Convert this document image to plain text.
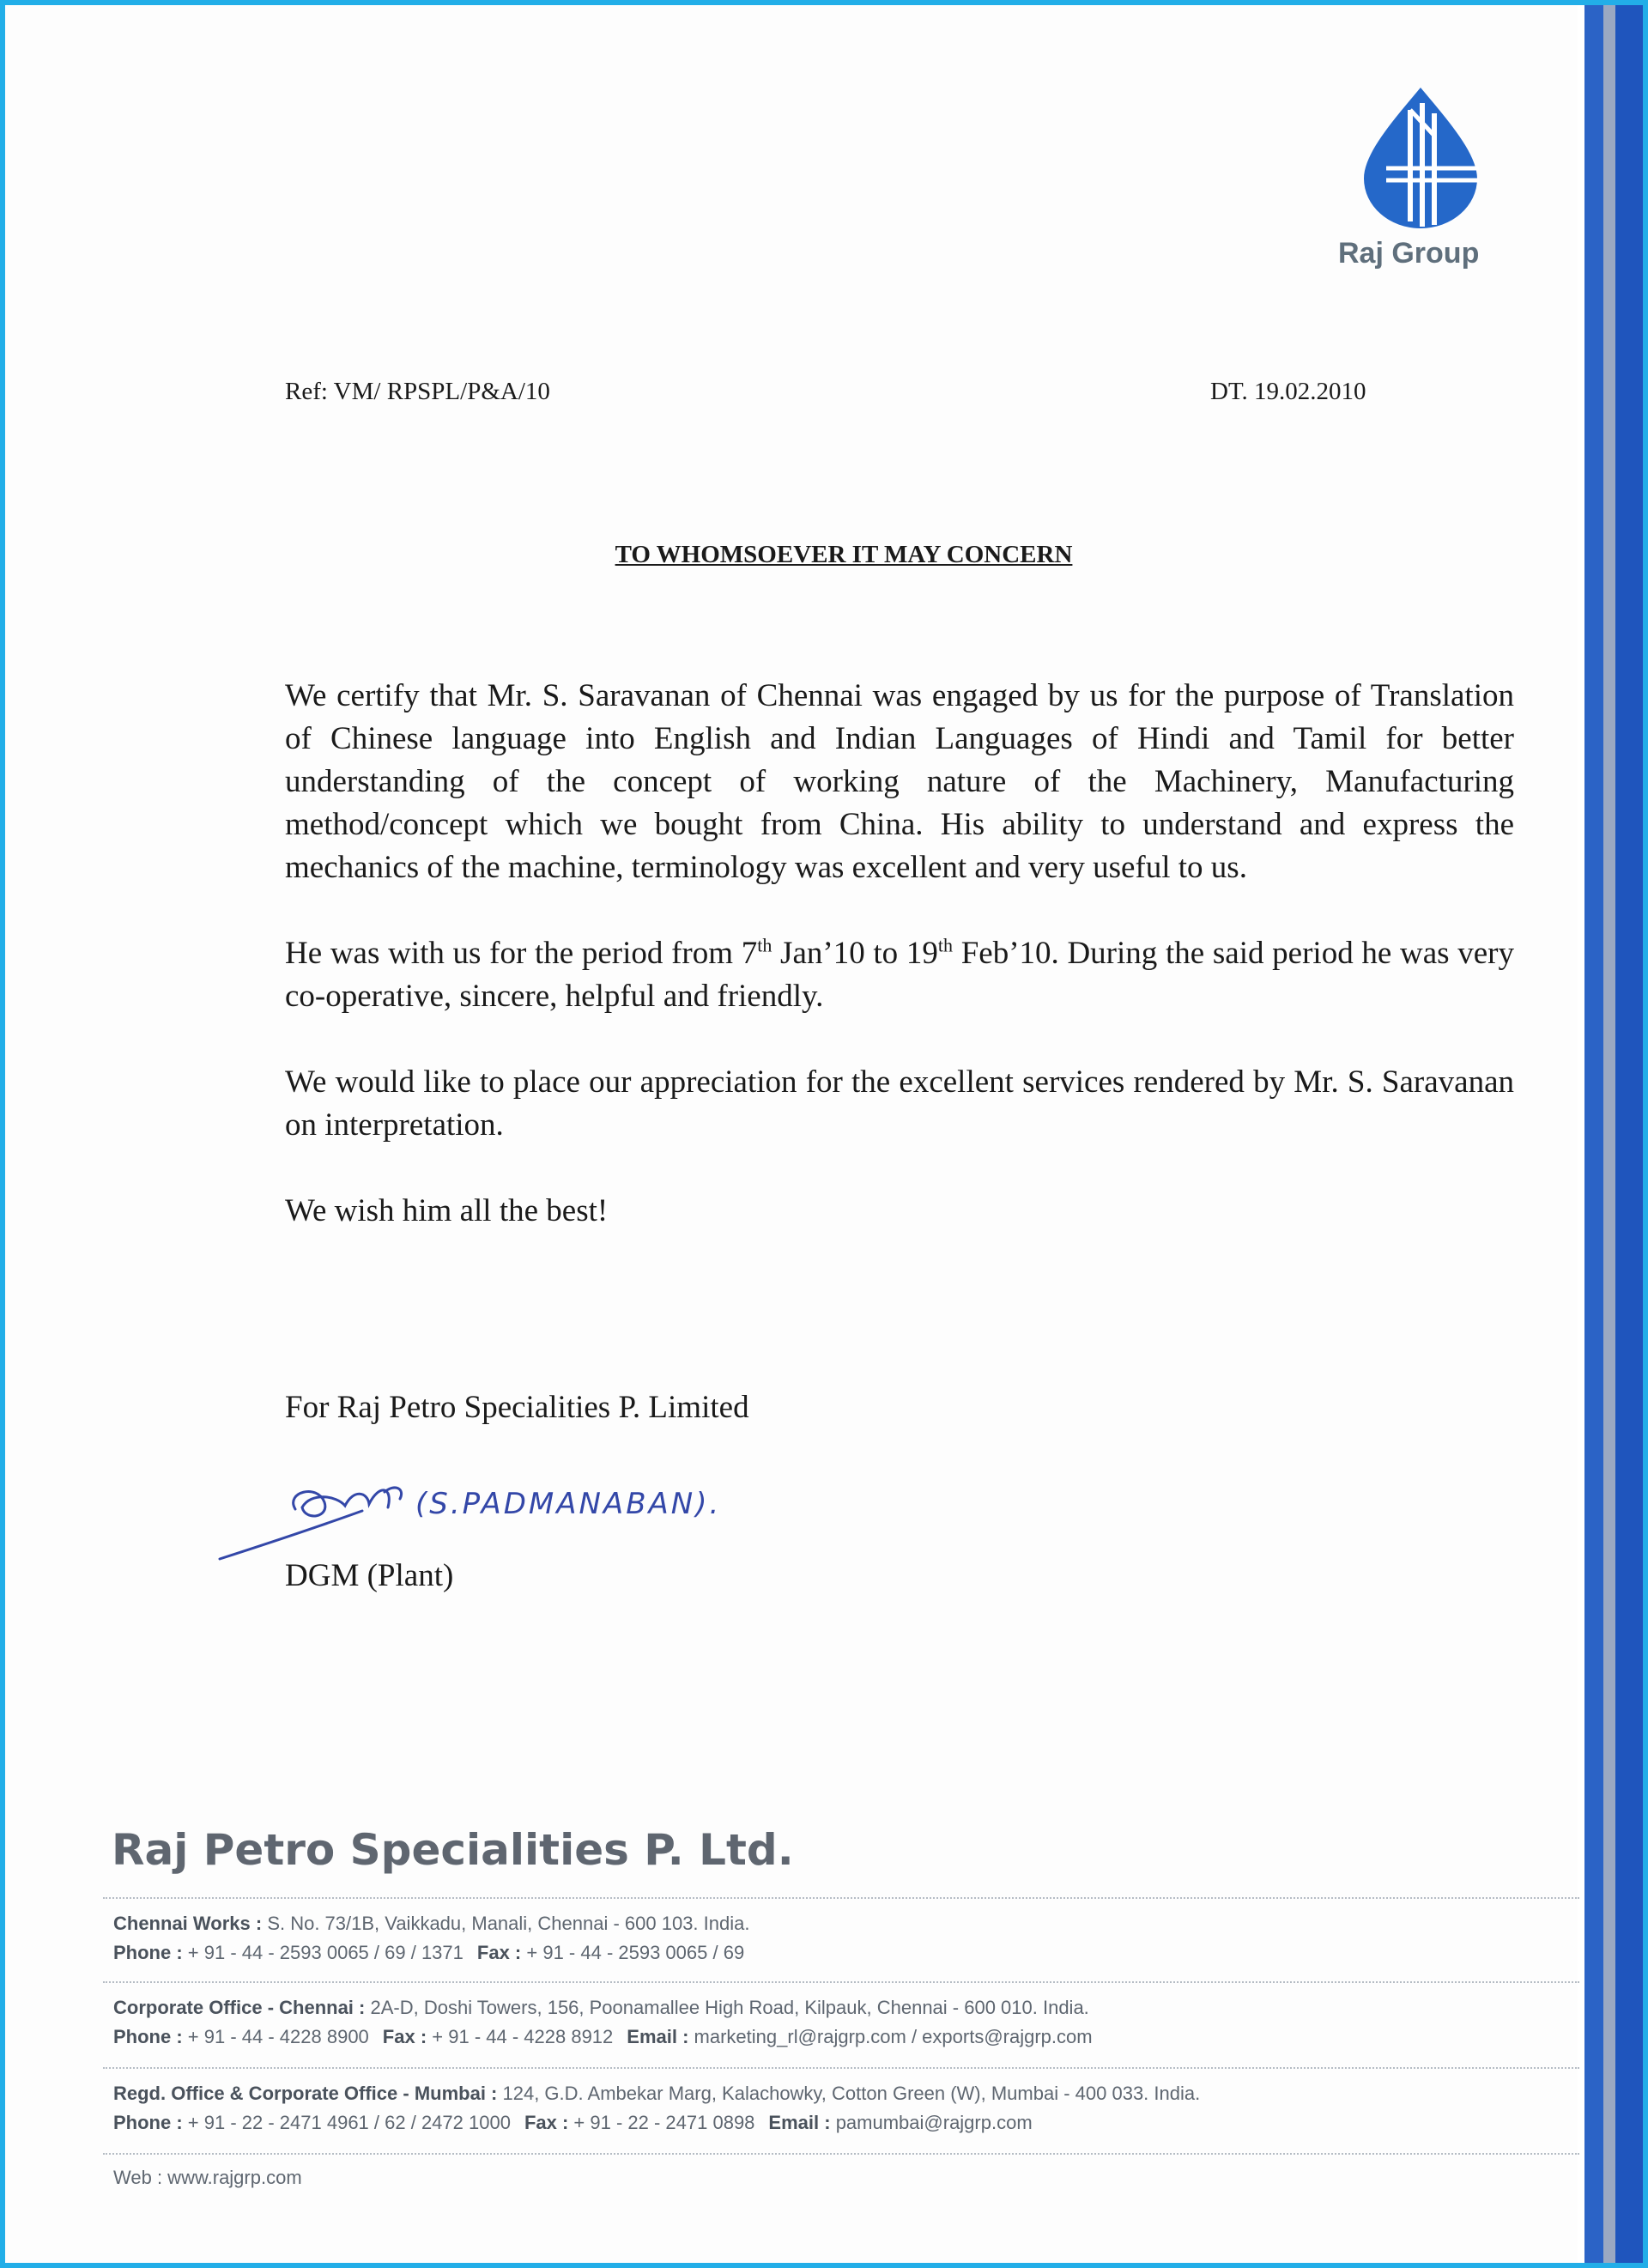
Raj Group
Ref: VM/ RPSPL/P&A/10	DT. 19.02.2010
TO WHOMSOEVER IT MAY CONCERN

We certify that Mr. S. Saravanan of Chennai was engaged by us for the purpose of Translation of Chinese language into English and Indian Languages of Hindi and Tamil for better understanding of the concept of working nature of the Machinery, Manufacturing method/concept which we bought from China. His ability to understand and express the mechanics of the machine, terminology was excellent and very useful to us.

He was with us for the period from 7th Jan’10 to 19th Feb’10. During the said period he was very co-operative, sincere, helpful and friendly.

We would like to place our appreciation for the excellent services rendered by Mr. S. Saravanan on interpretation.

We wish him all the best!

For Raj Petro Specialities P. Limited
(S.PADMANABAN).
DGM (Plant)
Raj Petro Specialities P. Ltd.
Chennai Works : S. No. 73/1B, Vaikkadu, Manali, Chennai - 600 103. India.
Phone : + 91 - 44 - 2593 0065 / 69 / 1371 Fax : + 91 - 44 - 2593 0065 / 69
Corporate Office - Chennai : 2A-D, Doshi Towers, 156, Poonamallee High Road, Kilpauk, Chennai - 600 010. India.
Phone : + 91 - 44 - 4228 8900 Fax : + 91 - 44 - 4228 8912 Email : marketing_rl@rajgrp.com / exports@rajgrp.com
Regd. Office & Corporate Office - Mumbai : 124, G.D. Ambekar Marg, Kalachowky, Cotton Green (W), Mumbai - 400 033. India.
Phone : + 91 - 22 - 2471 4961 / 62 / 2472 1000 Fax : + 91 - 22 - 2471 0898 Email : pamumbai@rajgrp.com
Web : www.rajgrp.com
